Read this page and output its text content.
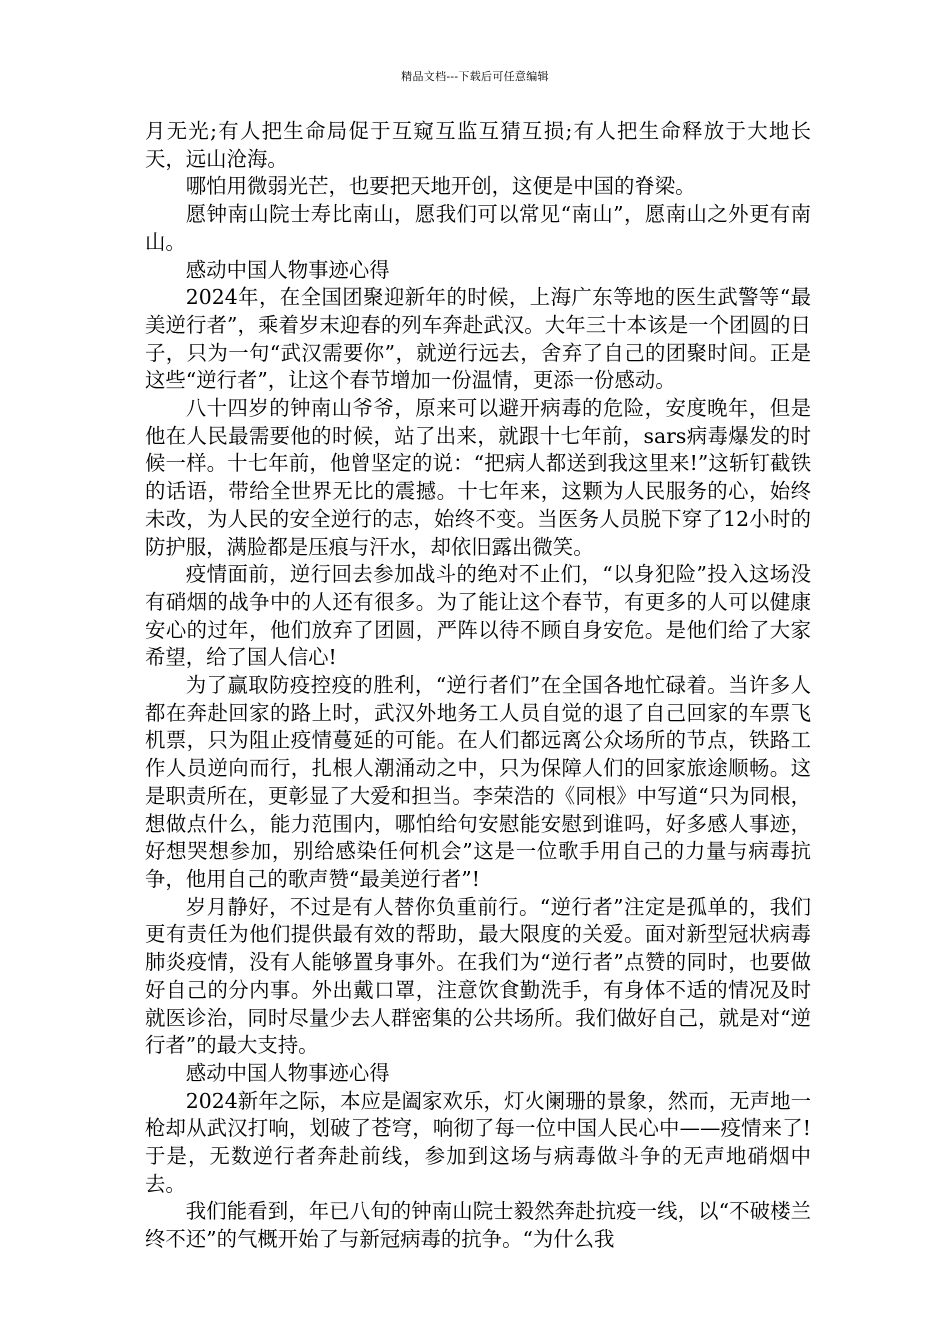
精品文档---下载后可任意编辑

月无光;有人把生命局促于互窥互监互猜互损;有人把生命释放于大地长天，远山沧海。

哪怕用微弱光芒，也要把天地开创，这便是中国的脊梁。

愿钟南山院士寿比南山，愿我们可以常见“南山”，愿南山之外更有南山。

感动中国人物事迹心得

2024年，在全国团聚迎新年的时候，上海广东等地的医生武警等“最美逆行者”，乘着岁末迎春的列车奔赴武汉。大年三十本该是一个团圆的日子，只为一句“武汉需要你”，就逆行远去，舍弃了自己的团聚时间。正是这些“逆行者”，让这个春节增加一份温情，更添一份感动。

八十四岁的钟南山爷爷，原来可以避开病毒的危险，安度晚年，但是他在人民最需要他的时候，站了出来，就跟十七年前，sars病毒爆发的时候一样。十七年前，他曾坚定的说：“把病人都送到我这里来!”这斩钉截铁的话语，带给全世界无比的震撼。十七年来，这颗为人民服务的心，始终未改，为人民的安全逆行的志，始终不变。当医务人员脱下穿了12小时的防护服，满脸都是压痕与汗水，却依旧露出微笑。

疫情面前，逆行回去参加战斗的绝对不止们，“以身犯险”投入这场没有硝烟的战争中的人还有很多。为了能让这个春节，有更多的人可以健康安心的过年，他们放弃了团圆，严阵以待不顾自身安危。是他们给了大家希望，给了国人信心!

为了赢取防疫控疫的胜利，“逆行者们”在全国各地忙碌着。当许多人都在奔赴回家的路上时，武汉外地务工人员自觉的退了自己回家的车票飞机票，只为阻止疫情蔓延的可能。在人们都远离公众场所的节点，铁路工作人员逆向而行，扎根人潮涌动之中，只为保障人们的回家旅途顺畅。这是职责所在，更彰显了大爱和担当。李荣浩的《同根》中写道“只为同根，想做点什么，能力范围内，哪怕给句安慰能安慰到谁吗，好多感人事迹，好想哭想参加，别给感染任何机会”这是一位歌手用自己的力量与病毒抗争，他用自己的歌声赞“最美逆行者”!

岁月静好，不过是有人替你负重前行。“逆行者”注定是孤单的，我们更有责任为他们提供最有效的帮助，最大限度的关爱。面对新型冠状病毒肺炎疫情，没有人能够置身事外。在我们为“逆行者”点赞的同时，也要做好自己的分内事。外出戴口罩，注意饮食勤洗手，有身体不适的情况及时就医诊治，同时尽量少去人群密集的公共场所。我们做好自己，就是对“逆行者”的最大支持。

感动中国人物事迹心得

2024新年之际，本应是阖家欢乐，灯火阑珊的景象，然而，无声地一枪却从武汉打响，划破了苍穹，响彻了每一位中国人民心中——疫情来了!于是，无数逆行者奔赴前线，参加到这场与病毒做斗争的无声地硝烟中去。

我们能看到，年已八旬的钟南山院士毅然奔赴抗疫一线，以“不破楼兰终不还”的气概开始了与新冠病毒的抗争。“为什么我
